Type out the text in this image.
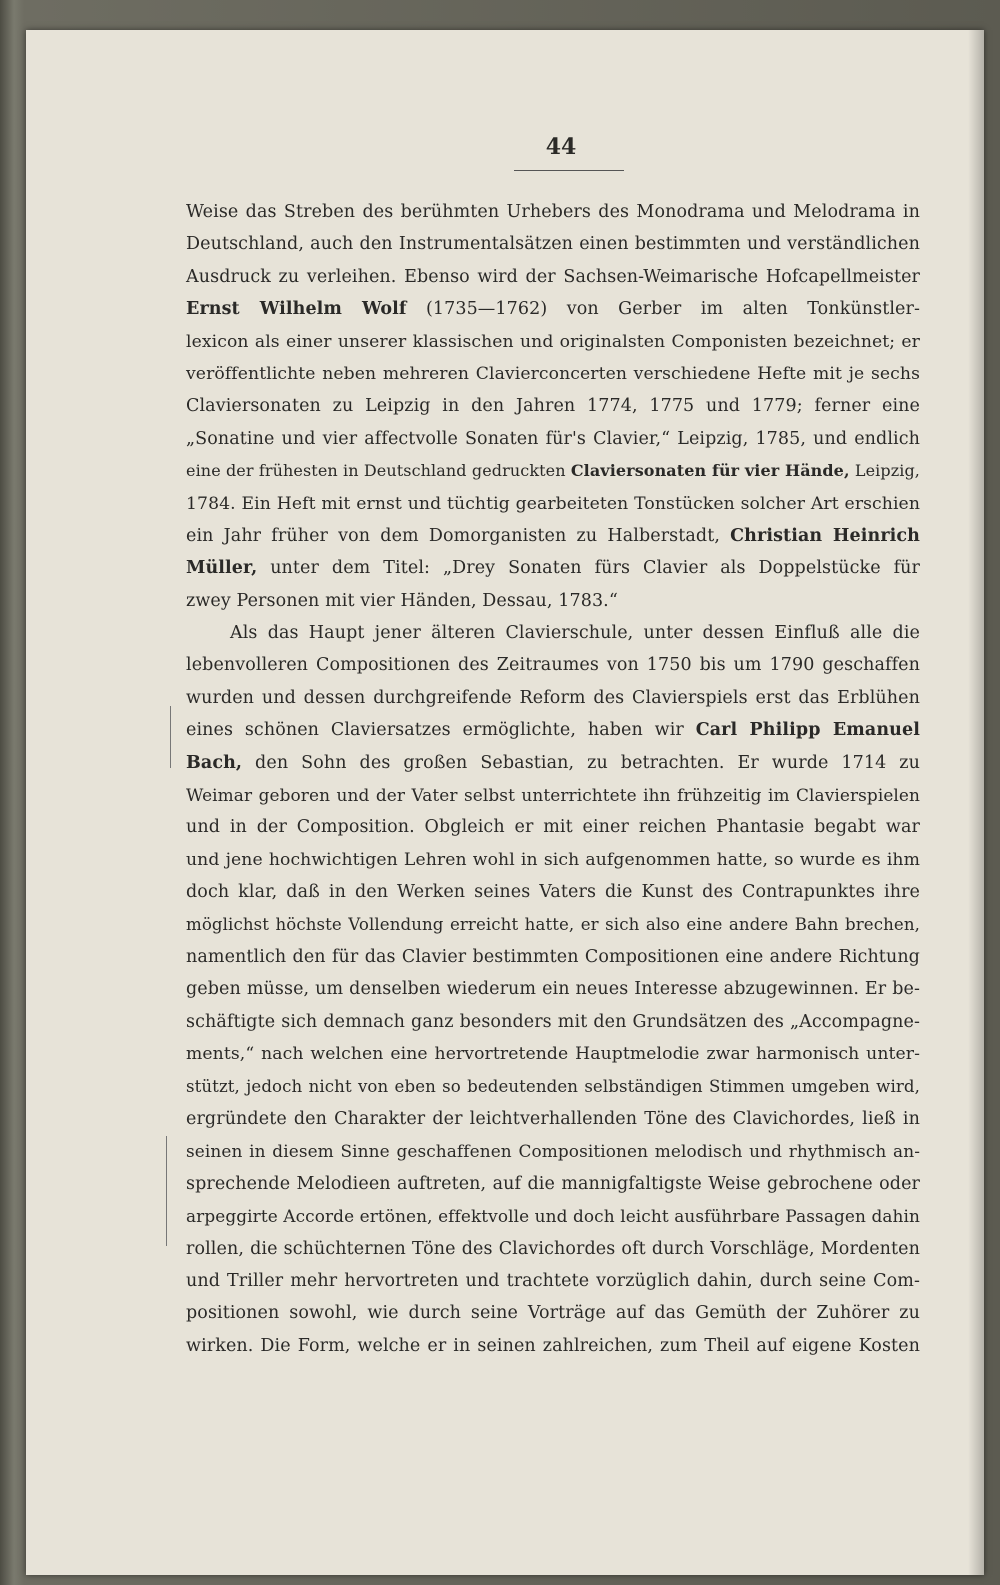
44
Weise das Streben des berühmten Urhebers des Monodrama und Melodrama in
Deutschland, auch den Instrumentalsätzen einen bestimmten und verständlichen
Ausdruck zu verleihen. Ebenso wird der Sachsen-Weimarische Hofcapellmeister
Ernst Wilhelm Wolf (1735—1762) von Gerber im alten Tonkünstler-
lexicon als einer unserer klassischen und originalsten Componisten bezeichnet; er
veröffentlichte neben mehreren Clavierconcerten verschiedene Hefte mit je sechs
Claviersonaten zu Leipzig in den Jahren 1774, 1775 und 1779; ferner eine
„Sonatine und vier affectvolle Sonaten für's Clavier,“ Leipzig, 1785, und endlich
eine der frühesten in Deutschland gedruckten Claviersonaten für vier Hände, Leipzig,
1784. Ein Heft mit ernst und tüchtig gearbeiteten Tonstücken solcher Art erschien
ein Jahr früher von dem Domorganisten zu Halberstadt, Christian Heinrich
Müller, unter dem Titel: „Drey Sonaten fürs Clavier als Doppelstücke für
zwey Personen mit vier Händen, Dessau, 1783.“
Als das Haupt jener älteren Clavierschule, unter dessen Einfluß alle die
lebenvolleren Compositionen des Zeitraumes von 1750 bis um 1790 geschaffen
wurden und dessen durchgreifende Reform des Clavierspiels erst das Erblühen
eines schönen Claviersatzes ermöglichte, haben wir Carl Philipp Emanuel
Bach, den Sohn des großen Sebastian, zu betrachten. Er wurde 1714 zu
Weimar geboren und der Vater selbst unterrichtete ihn frühzeitig im Clavierspielen
und in der Composition. Obgleich er mit einer reichen Phantasie begabt war
und jene hochwichtigen Lehren wohl in sich aufgenommen hatte, so wurde es ihm
doch klar, daß in den Werken seines Vaters die Kunst des Contrapunktes ihre
möglichst höchste Vollendung erreicht hatte, er sich also eine andere Bahn brechen,
namentlich den für das Clavier bestimmten Compositionen eine andere Richtung
geben müsse, um denselben wiederum ein neues Interesse abzugewinnen. Er be-
schäftigte sich demnach ganz besonders mit den Grundsätzen des „Accompagne-
ments,“ nach welchen eine hervortretende Hauptmelodie zwar harmonisch unter-
stützt, jedoch nicht von eben so bedeutenden selbständigen Stimmen umgeben wird,
ergründete den Charakter der leichtverhallenden Töne des Clavichordes, ließ in
seinen in diesem Sinne geschaffenen Compositionen melodisch und rhythmisch an-
sprechende Melodieen auftreten, auf die mannigfaltigste Weise gebrochene oder
arpeggirte Accorde ertönen, effektvolle und doch leicht ausführbare Passagen dahin
rollen, die schüchternen Töne des Clavichordes oft durch Vorschläge, Mordenten
und Triller mehr hervortreten und trachtete vorzüglich dahin, durch seine Com-
positionen sowohl, wie durch seine Vorträge auf das Gemüth der Zuhörer zu
wirken. Die Form, welche er in seinen zahlreichen, zum Theil auf eigene Kosten
